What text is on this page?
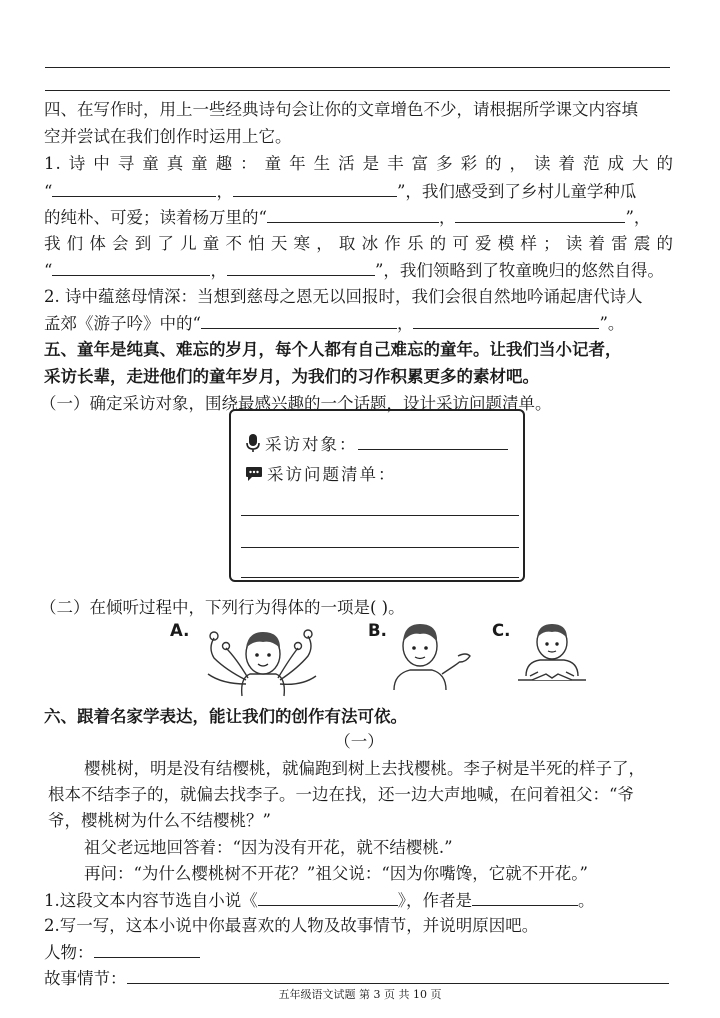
四、在写作时，用上一些经典诗句会让你的文章增色不少，请根据所学课文内容填
空并尝试在我们创作时运用上它。
1.诗中寻童真童趣：童年生活是丰富多彩的，读着范成大的
“	，	”，我们感受到了乡村儿童学种瓜
的纯朴、可爱；读着杨万里的“	，	”，
我们体会到了儿童不怕天寒，取冰作乐的可爱模样；读着雷震的
“	，	”，我们领略到了牧童晚归的悠然自得。
2. 诗中蕴慈母情深：当想到慈母之恩无以回报时，我们会很自然地吟诵起唐代诗人
孟郊《游子吟》中的“	，	”。
五、童年是纯真、难忘的岁月，每个人都有自己难忘的童年。让我们当小记者，
采访长辈，走进他们的童年岁月，为我们的习作积累更多的素材吧。
（一）确定采访对象，围绕最感兴趣的一个话题，设计采访问题清单。
采访对象：
采访问题清单：
（二）在倾听过程中，下列行为得体的一项是( )。
A.	B.	C.
六、跟着名家学表达，能让我们的创作有法可依。
（一）
樱桃树，明是没有结樱桃，就偏跑到树上去找樱桃。李子树是半死的样子了，
根本不结李子的，就偏去找李子。一边在找，还一边大声地喊，在问着祖父：“爷
爷，樱桃树为什么不结樱桃？”
祖父老远地回答着：“因为没有开花，就不结樱桃.”
再问：“为什么樱桃树不开花？”祖父说：“因为你嘴馋，它就不开花。”
1.这段文本内容节选自小说《	》，作者是	。
2.写一写，这本小说中你最喜欢的人物及故事情节，并说明原因吧。
人物：
故事情节：
五年级语文试题 第 3 页 共 10 页
